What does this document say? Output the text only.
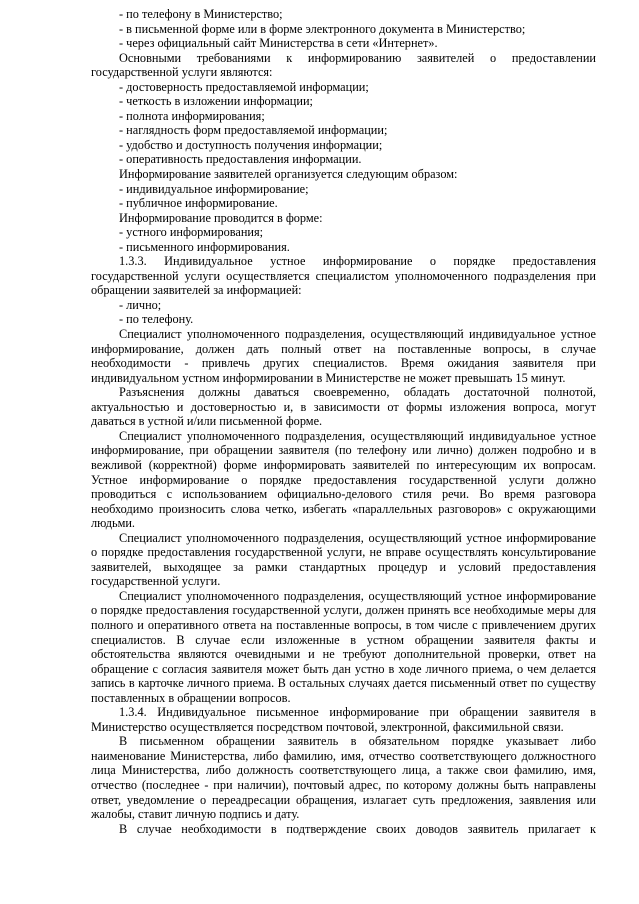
- по телефону в Министерство;

- в письменной форме или в форме электронного документа в Министерство;

- через официальный сайт Министерства в сети «Интернет».

Основными требованиями к информированию заявителей о предоставлении государственной услуги являются:

- достоверность предоставляемой информации;

- четкость в изложении информации;

- полнота информирования;

- наглядность форм предоставляемой информации;

- удобство и доступность получения информации;

- оперативность предоставления информации.

Информирование заявителей организуется следующим образом:

- индивидуальное информирование;

- публичное информирование.

Информирование проводится в форме:

- устного информирования;

- письменного информирования.

1.3.3. Индивидуальное устное информирование о порядке предоставления государственной услуги осуществляется специалистом уполномоченного подразделения при обращении заявителей за информацией:

- лично;

- по телефону.

Специалист уполномоченного подразделения, осуществляющий индивидуальное устное информирование, должен дать полный ответ на поставленные вопросы, в случае необходимости - привлечь других специалистов. Время ожидания заявителя при индивидуальном устном информировании в Министерстве не может превышать 15 минут.

Разъяснения должны даваться своевременно, обладать достаточной полнотой, актуальностью и достоверностью и, в зависимости от формы изложения вопроса, могут даваться в устной и/или письменной форме.

Специалист уполномоченного подразделения, осуществляющий индивидуальное устное информирование, при обращении заявителя (по телефону или лично) должен подробно и в вежливой (корректной) форме информировать заявителей по интересующим их вопросам. Устное информирование о порядке предоставления государственной услуги должно проводиться с использованием официально-делового стиля речи. Во время разговора необходимо произносить слова четко, избегать «параллельных разговоров» с окружающими людьми.

Специалист уполномоченного подразделения, осуществляющий устное информирование о порядке предоставления государственной услуги, не вправе осуществлять консультирование заявителей, выходящее за рамки стандартных процедур и условий предоставления государственной услуги.

Специалист уполномоченного подразделения, осуществляющий устное информирование о порядке предоставления государственной услуги, должен принять все необходимые меры для полного и оперативного ответа на поставленные вопросы, в том числе с привлечением других специалистов. В случае если изложенные в устном обращении заявителя факты и обстоятельства являются очевидными и не требуют дополнительной проверки, ответ на обращение с согласия заявителя может быть дан устно в ходе личного приема, о чем делается запись в карточке личного приема. В остальных случаях дается письменный ответ по существу поставленных в обращении вопросов.

1.3.4. Индивидуальное письменное информирование при обращении заявителя в Министерство осуществляется посредством почтовой, электронной, факсимильной связи.

В письменном обращении заявитель в обязательном порядке указывает либо наименование Министерства, либо фамилию, имя, отчество соответствующего должностного лица Министерства, либо должность соответствующего лица, а также свои фамилию, имя, отчество (последнее - при наличии), почтовый адрес, по которому должны быть направлены ответ, уведомление о переадресации обращения, излагает суть предложения, заявления или жалобы, ставит личную подпись и дату.

В случае необходимости в подтверждение своих доводов заявитель прилагает к
